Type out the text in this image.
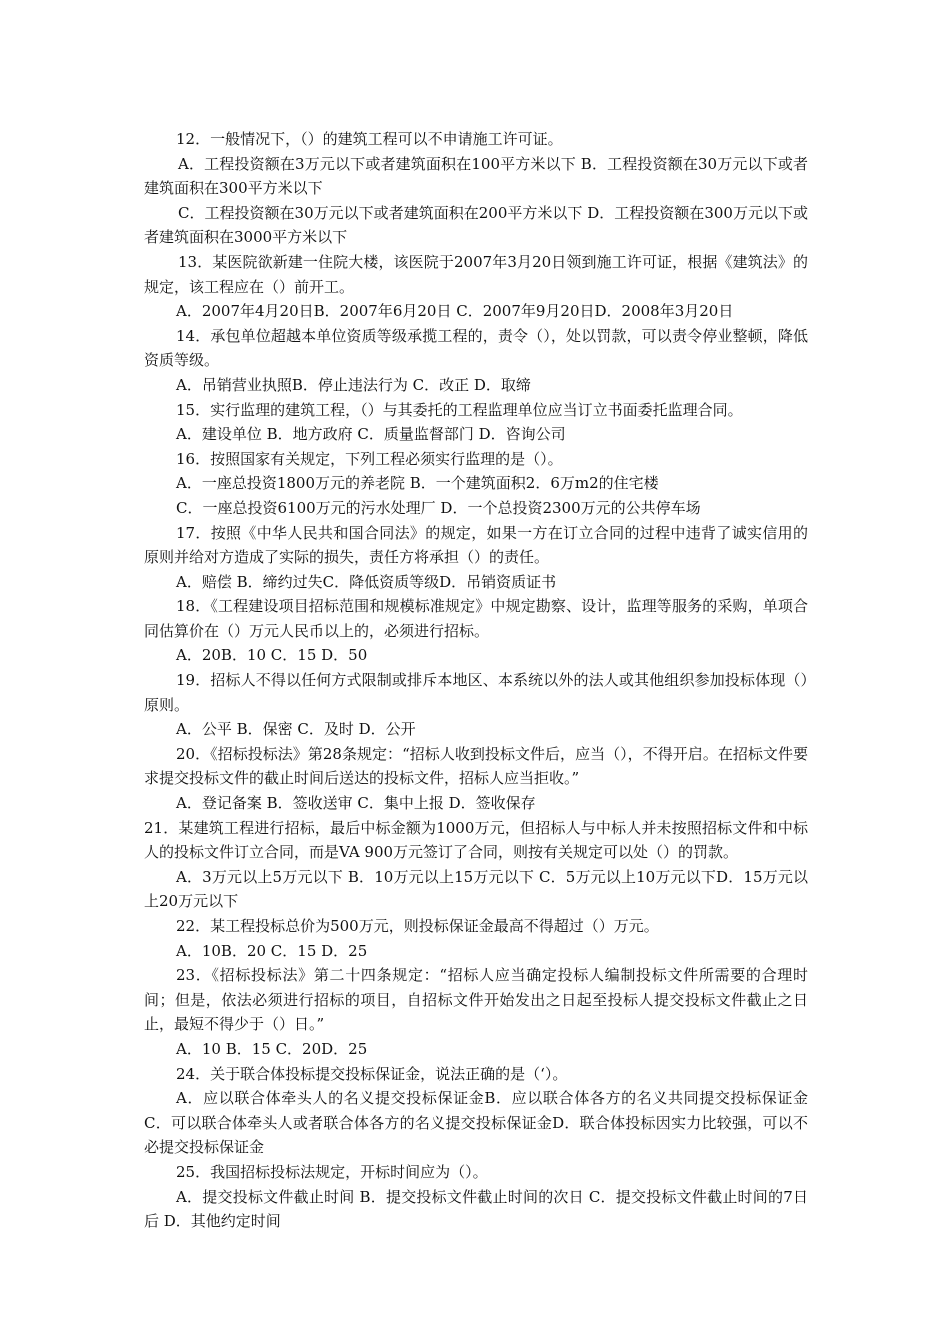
12．一般情况下，（）的建筑工程可以不申请施工许可证。

A．工程投资额在3万元以下或者建筑面积在100平方米以下 B．工程投资额在30万元以下或者建筑面积在300平方米以下

C．工程投资额在30万元以下或者建筑面积在200平方米以下 D．工程投资额在300万元以下或者建筑面积在3000平方米以下

13．某医院欲新建一住院大楼，该医院于2007年3月20日领到施工许可证，根据《建筑法》的规定，该工程应在（）前开工。

A．2007年4月20日B．2007年6月20日 C．2007年9月20日D．2008年3月20日

14．承包单位超越本单位资质等级承揽工程的，责令（），处以罚款，可以责令停业整顿，降低资质等级。

A．吊销营业执照B．停止违法行为 C．改正 D．取缔

15．实行监理的建筑工程，（）与其委托的工程监理单位应当订立书面委托监理合同。

A．建设单位 B．地方政府 C．质量监督部门 D．咨询公司

16．按照国家有关规定，下列工程必须实行监理的是（）。

A．一座总投资1800万元的养老院 B．一个建筑面积2．6万m2的住宅楼

C．一座总投资6100万元的污水处理厂 D．一个总投资2300万元的公共停车场

17．按照《中华人民共和国合同法》的规定，如果一方在订立合同的过程中违背了诚实信用的原则并给对方造成了实际的损失，责任方将承担（）的责任。

A．赔偿 B．缔约过失C．降低资质等级D．吊销资质证书

18．《工程建设项目招标范围和规模标准规定》中规定勘察、设计，监理等服务的采购，单项合同估算价在（）万元人民币以上的，必须进行招标。

A．20B．10 C．15 D．50

19．招标人不得以任何方式限制或排斥本地区、本系统以外的法人或其他组织参加投标体现（）原则。

A．公平 B．保密 C．及时 D．公开

20．《招标投标法》第28条规定：“招标人收到投标文件后，应当（），不得开启。在招标文件要求提交投标文件的截止时间后送达的投标文件，招标人应当拒收。”

A．登记备案 B．签收送审 C．集中上报 D．签收保存

21．某建筑工程进行招标，最后中标金额为1000万元，但招标人与中标人并未按照招标文件和中标人的投标文件订立合同，而是VA 900万元签订了合同，则按有关规定可以处（）的罚款。

A．3万元以上5万元以下 B．10万元以上15万元以下 C．5万元以上10万元以下D．15万元以上20万元以下

22．某工程投标总价为500万元，则投标保证金最高不得超过（）万元。

A．10B．20 C．15 D．25

23．《招标投标法》第二十四条规定：“招标人应当确定投标人编制投标文件所需要的合理时间；但是，依法必须进行招标的项目，自招标文件开始发出之日起至投标人提交投标文件截止之日止，最短不得少于（）日。”

A．10 B．15 C．20D．25

24．关于联合体投标提交投标保证金，说法正确的是（‘）。

A．应以联合体牵头人的名义提交投标保证金B．应以联合体各方的名义共同提交投标保证金 C．可以联合体牵头人或者联合体各方的名义提交投标保证金D．联合体投标因实力比较强，可以不必提交投标保证金

25．我国招标投标法规定，开标时间应为（）。

A．提交投标文件截止时间 B．提交投标文件截止时间的次日 C．提交投标文件截止时间的7日后 D．其他约定时间
